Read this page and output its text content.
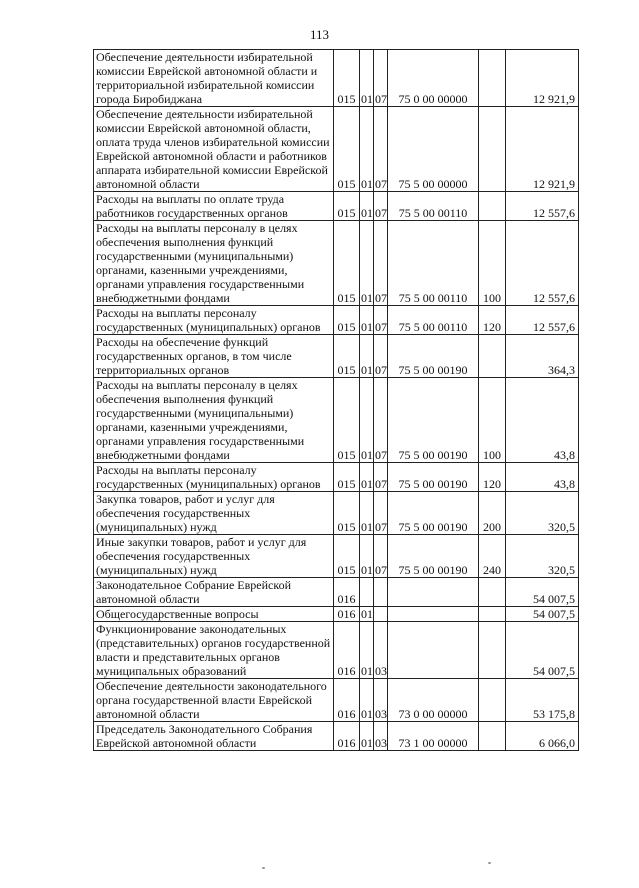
113
Обеспечение деятельности избирательной комиссии Еврейской автономной области и территориальной избирательной комиссии города Биробиджана	015	01	07	75 0 00 00000		12 921,9
Обеспечение деятельности избирательной комиссии Еврейской автономной области, оплата труда членов избирательной комиссии Еврейской автономной области и работников аппарата избирательной комиссии Еврейской автономной области	015	01	07	75 5 00 00000		12 921,9
Расходы на выплаты по оплате труда работников государственных органов	015	01	07	75 5 00 00110		12 557,6
Расходы на выплаты персоналу в целях обеспечения выполнения функций государственными (муниципальными) органами, казенными учреждениями, органами управления государственными внебюджетными фондами	015	01	07	75 5 00 00110	100	12 557,6
Расходы на выплаты персоналу государственных (муниципальных) органов	015	01	07	75 5 00 00110	120	12 557,6
Расходы на обеспечение функций государственных органов, в том числе территориальных органов	015	01	07	75 5 00 00190		364,3
Расходы на выплаты персоналу в целях обеспечения выполнения функций государственными (муниципальными) органами, казенными учреждениями, органами управления государственными внебюджетными фондами	015	01	07	75 5 00 00190	100	43,8
Расходы на выплаты персоналу государственных (муниципальных) органов	015	01	07	75 5 00 00190	120	43,8
Закупка товаров, работ и услуг для обеспечения государственных (муниципальных) нужд	015	01	07	75 5 00 00190	200	320,5
Иные закупки товаров, работ и услуг для обеспечения государственных (муниципальных) нужд	015	01	07	75 5 00 00190	240	320,5
Законодательное Собрание Еврейской автономной области	016					54 007,5
Общегосударственные вопросы	016	01				54 007,5
Функционирование законодательных (представительных) органов государственной власти и представительных органов муниципальных образований	016	01	03			54 007,5
Обеспечение деятельности законодательного органа государственной власти Еврейской автономной области	016	01	03	73 0 00 00000		53 175,8
Председатель Законодательного Собрания Еврейской автономной области	016	01	03	73 1 00 00000		6 066,0
